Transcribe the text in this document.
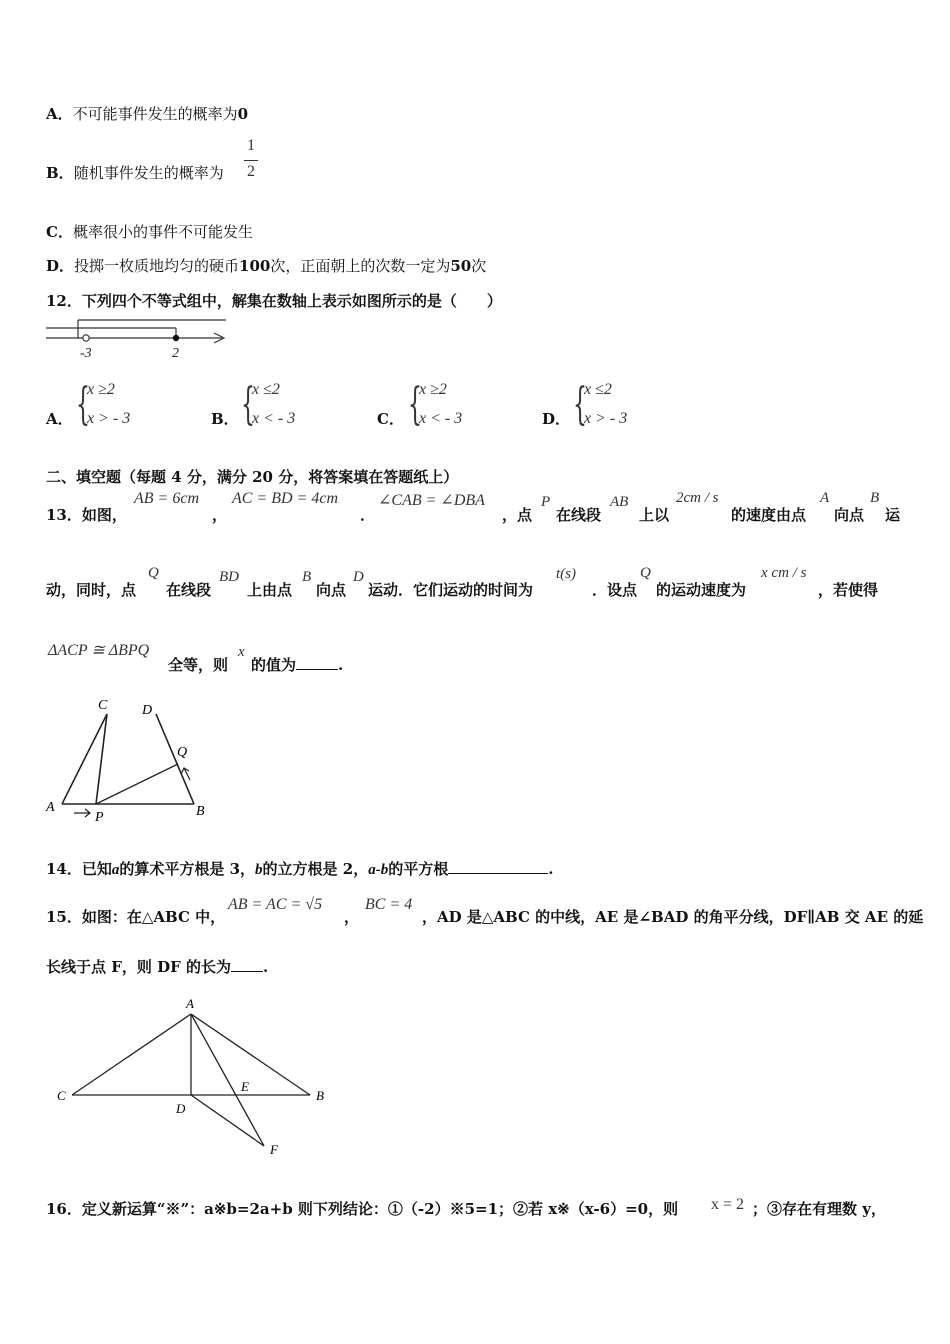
A．不可能事件发生的概率为0
B．随机事件发生的概率为
1
2
C．概率很小的事件不可能发生
D．投掷一枚质地均匀的硬币100次，正面朝上的次数一定为50次
12．下列四个不等式组中，解集在数轴上表示如图所示的是（　　）
-3	2
A． {
x ≥2
x > - 3	B． {
x ≤2
x < - 3	C． {
x ≥2
x < - 3	D． {
x ≤2
x > - 3
二、填空题（每题 4 分，满分 20 分，将答案填在答题纸上）
13．如图，
AB = 6cm
，
AC = BD = 4cm
．
∠CAB = ∠DBA
，点
P
在线段
AB
上以
2cm / s
的速度由点
A
向点
B
运
动，同时，点
Q
在线段
BD
上由点
B
向点
D
运动．它们运动的时间为
t(s)
．设点
Q
的运动速度为
x cm / s
，若使得
ΔACP ≅ ΔBPQ
全等，则
x
的值为	.
C D
Q
A
P	B
14．已知a的算术平方根是 3，b的立方根是 2，a-b的平方根	.
15．如图：在△ABC 中，
AB = AC = √5
，
BC = 4
，AD 是△ABC 的中线，AE 是∠BAD 的角平分线，DF∥AB 交 AE 的延
长线于点 F，则 DF 的长为 .
A
C
D
E
B
F
16．定义新运算“※”：a※b=2a+b 则下列结论：①（-2）※5=1；②若 x※（x-6）=0，则 x = 2 ；③存在有理数 y，
